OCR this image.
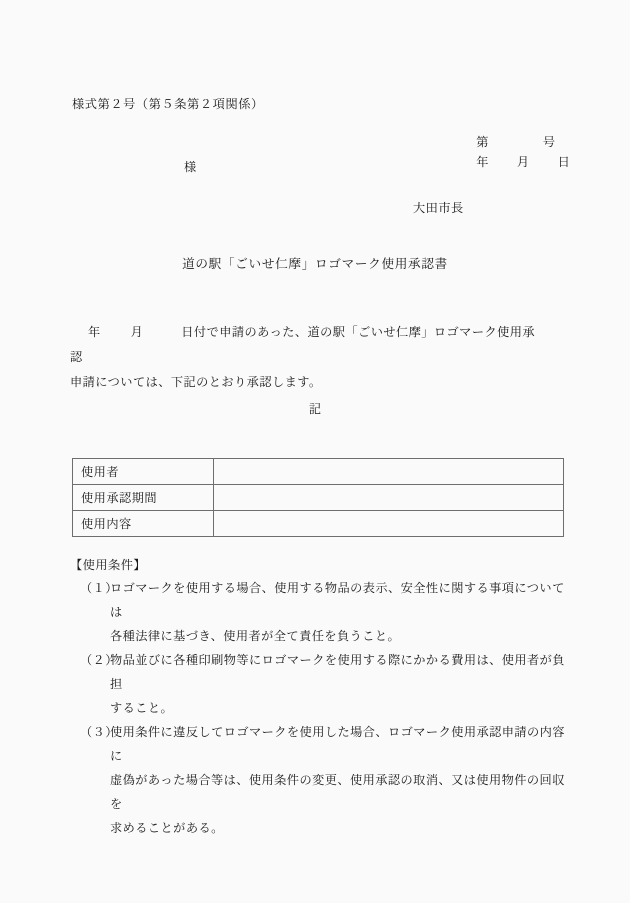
様式第２号（第５条第２項関係）

第	号

年 月 日

様
大田市長
道の駅「ごいせ仁摩」ロゴマーク使用承認書
年 月	日付で申請のあった、道の駅「ごいせ仁摩」ロゴマーク使用承認
申請については、下記のとおり承認します。
記
使用者	
使用承認期間	
使用内容	
【使用条件】
（１）
ロゴマークを使用する場合、使用する物品の表示、安全性に関する事項については
各種法律に基づき、使用者が全て責任を負うこと。
（２）
物品並びに各種印刷物等にロゴマークを使用する際にかかる費用は、使用者が負担
すること。
（３）
使用条件に違反してロゴマークを使用した場合、ロゴマーク使用承認申請の内容に
虚偽があった場合等は、使用条件の変更、使用承認の取消、又は使用物件の回収を
求めることがある。
